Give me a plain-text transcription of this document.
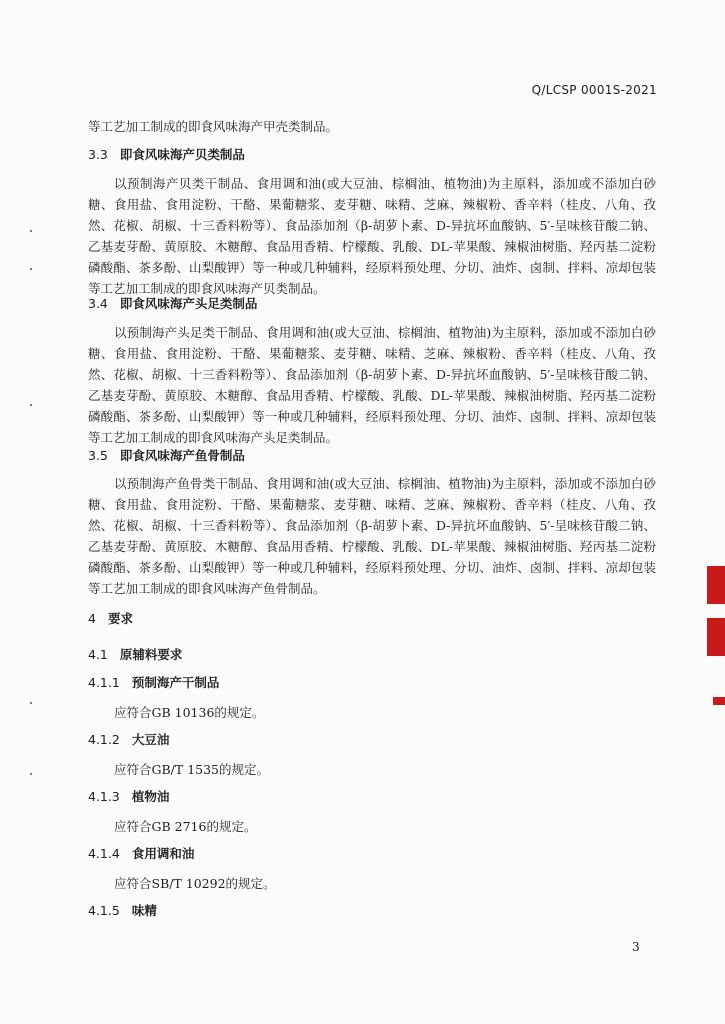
Q/LCSP 0001S-2021

等工艺加工制成的即食风味海产甲壳类制品。

3.3 即食风味海产贝类制品

以预制海产贝类干制品、食用调和油(或大豆油、棕榈油、植物油)为主原料，添加或不添加白砂糖、食用盐、食用淀粉、干酪、果葡糖浆、麦芽糖、味精、芝麻、辣椒粉、香辛料（桂皮、八角、孜然、花椒、胡椒、十三香料粉等）、食品添加剂（β-胡萝卜素、D-异抗坏血酸钠、5′-呈味核苷酸二钠、乙基麦芽酚、黄原胶、木糖醇、食品用香精、柠檬酸、乳酸、DL-苹果酸、辣椒油树脂、羟丙基二淀粉磷酸酯、茶多酚、山梨酸钾）等一种或几种辅料，经原料预处理、分切、油炸、卤制、拌料、凉却包装等工艺加工制成的即食风味海产贝类制品。

3.4 即食风味海产头足类制品

以预制海产头足类干制品、食用调和油(或大豆油、棕榈油、植物油)为主原料，添加或不添加白砂糖、食用盐、食用淀粉、干酪、果葡糖浆、麦芽糖、味精、芝麻、辣椒粉、香辛料（桂皮、八角、孜然、花椒、胡椒、十三香料粉等）、食品添加剂（β-胡萝卜素、D-异抗坏血酸钠、5′-呈味核苷酸二钠、乙基麦芽酚、黄原胶、木糖醇、食品用香精、柠檬酸、乳酸、DL-苹果酸、辣椒油树脂、羟丙基二淀粉磷酸酯、茶多酚、山梨酸钾）等一种或几种辅料，经原料预处理、分切、油炸、卤制、拌料、凉却包装等工艺加工制成的即食风味海产头足类制品。

3.5 即食风味海产鱼骨制品

以预制海产鱼骨类干制品、食用调和油(或大豆油、棕榈油、植物油)为主原料，添加或不添加白砂糖、食用盐、食用淀粉、干酪、果葡糖浆、麦芽糖、味精、芝麻、辣椒粉、香辛料（桂皮、八角、孜然、花椒、胡椒、十三香料粉等）、食品添加剂（β-胡萝卜素、D-异抗坏血酸钠、5′-呈味核苷酸二钠、乙基麦芽酚、黄原胶、木糖醇、食品用香精、柠檬酸、乳酸、DL-苹果酸、辣椒油树脂、羟丙基二淀粉磷酸酯、茶多酚、山梨酸钾）等一种或几种辅料，经原料预处理、分切、油炸、卤制、拌料、凉却包装等工艺加工制成的即食风味海产鱼骨制品。

4 要求
4.1 原辅料要求
4.1.1 预制海产干制品

应符合GB 10136的规定。

4.1.2 大豆油

应符合GB/T 1535的规定。

4.1.3 植物油

应符合GB 2716的规定。

4.1.4 食用调和油

应符合SB/T 10292的规定。

4.1.5 味精
3
